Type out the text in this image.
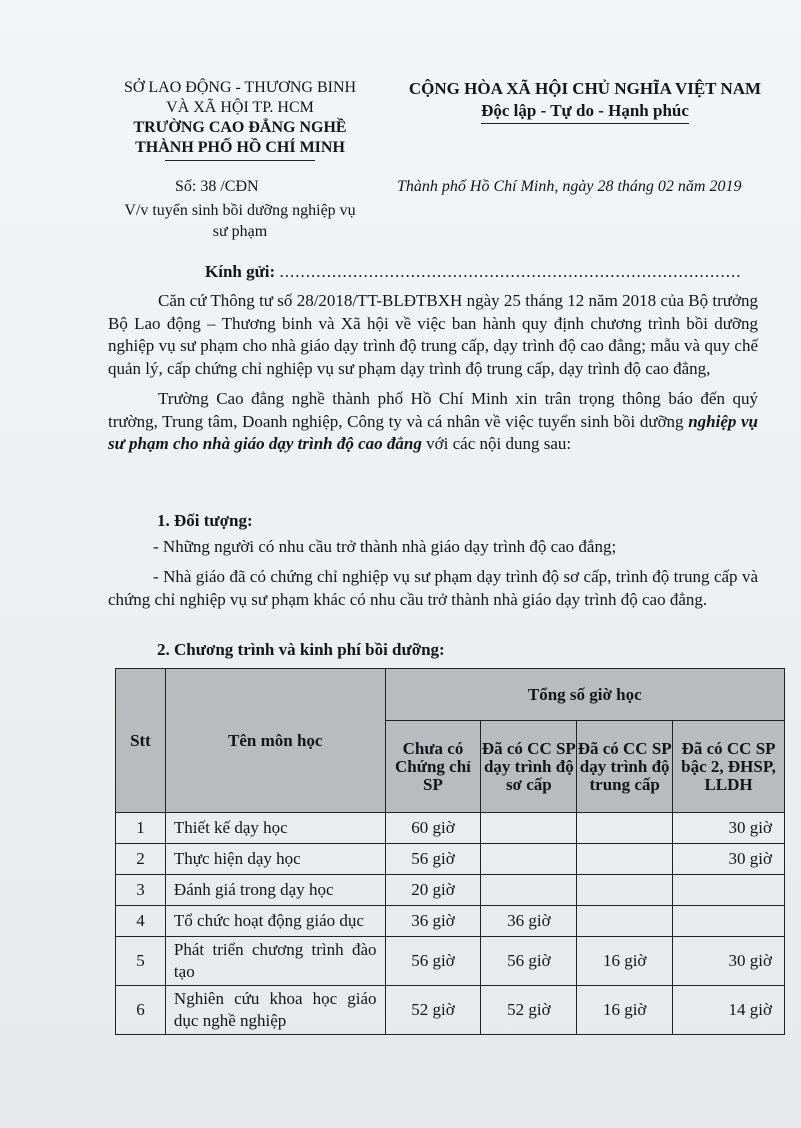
SỞ LAO ĐỘNG - THƯƠNG BINH
VÀ XÃ HỘI TP. HCM
TRƯỜNG CAO ĐẲNG NGHỀ
THÀNH PHỐ HỒ CHÍ MINH
CỘNG HÒA XÃ HỘI CHỦ NGHĨA VIỆT NAM
Độc lập - Tự do - Hạnh phúc
Số: 38 /CĐN
V/v tuyển sinh bồi dưỡng nghiệp vụ
sư phạm
Thành phố Hồ Chí Minh, ngày 28 tháng 02 năm 2019
Kính gửi: ........................................................................................

Căn cứ Thông tư số 28/2018/TT-BLĐTBXH ngày 25 tháng 12 năm 2018 của Bộ trưởng Bộ Lao động – Thương binh và Xã hội về việc ban hành quy định chương trình bồi dưỡng nghiệp vụ sư phạm cho nhà giáo dạy trình độ trung cấp, dạy trình độ cao đẳng; mẫu và quy chế quản lý, cấp chứng chỉ nghiệp vụ sư phạm dạy trình độ trung cấp, dạy trình độ cao đẳng,

Trường Cao đẳng nghề thành phố Hồ Chí Minh xin trân trọng thông báo đến quý trường, Trung tâm, Doanh nghiệp, Công ty và cá nhân về việc tuyển sinh bồi dưỡng nghiệp vụ sư phạm cho nhà giáo dạy trình độ cao đẳng với các nội dung sau:

1. Đối tượng:
- Những người có nhu cầu trở thành nhà giáo dạy trình độ cao đẳng;
- Nhà giáo đã có chứng chỉ nghiệp vụ sư phạm dạy trình độ sơ cấp, trình độ trung cấp và chứng chỉ nghiệp vụ sư phạm khác có nhu cầu trở thành nhà giáo dạy trình độ cao đẳng.
2. Chương trình và kinh phí bồi dưỡng:
Stt	Tên môn học	Tổng số giờ học			
		Chưa có Chứng chỉ SP	Đã có CC SP dạy trình độ sơ cấp	Đã có CC SP dạy trình độ trung cấp	Đã có CC SP bậc 2, ĐHSP, LLDH
1	Thiết kế dạy học	60 giờ			30 giờ
2	Thực hiện dạy học	56 giờ			30 giờ
3	Đánh giá trong dạy học	20 giờ			
4	Tổ chức hoạt động giáo dục	36 giờ	36 giờ		
5	Phát triển chương trình đào tạo	56 giờ	56 giờ	16 giờ	30 giờ
6	Nghiên cứu khoa học giáo dục nghề nghiệp	52 giờ	52 giờ	16 giờ	14 giờ
